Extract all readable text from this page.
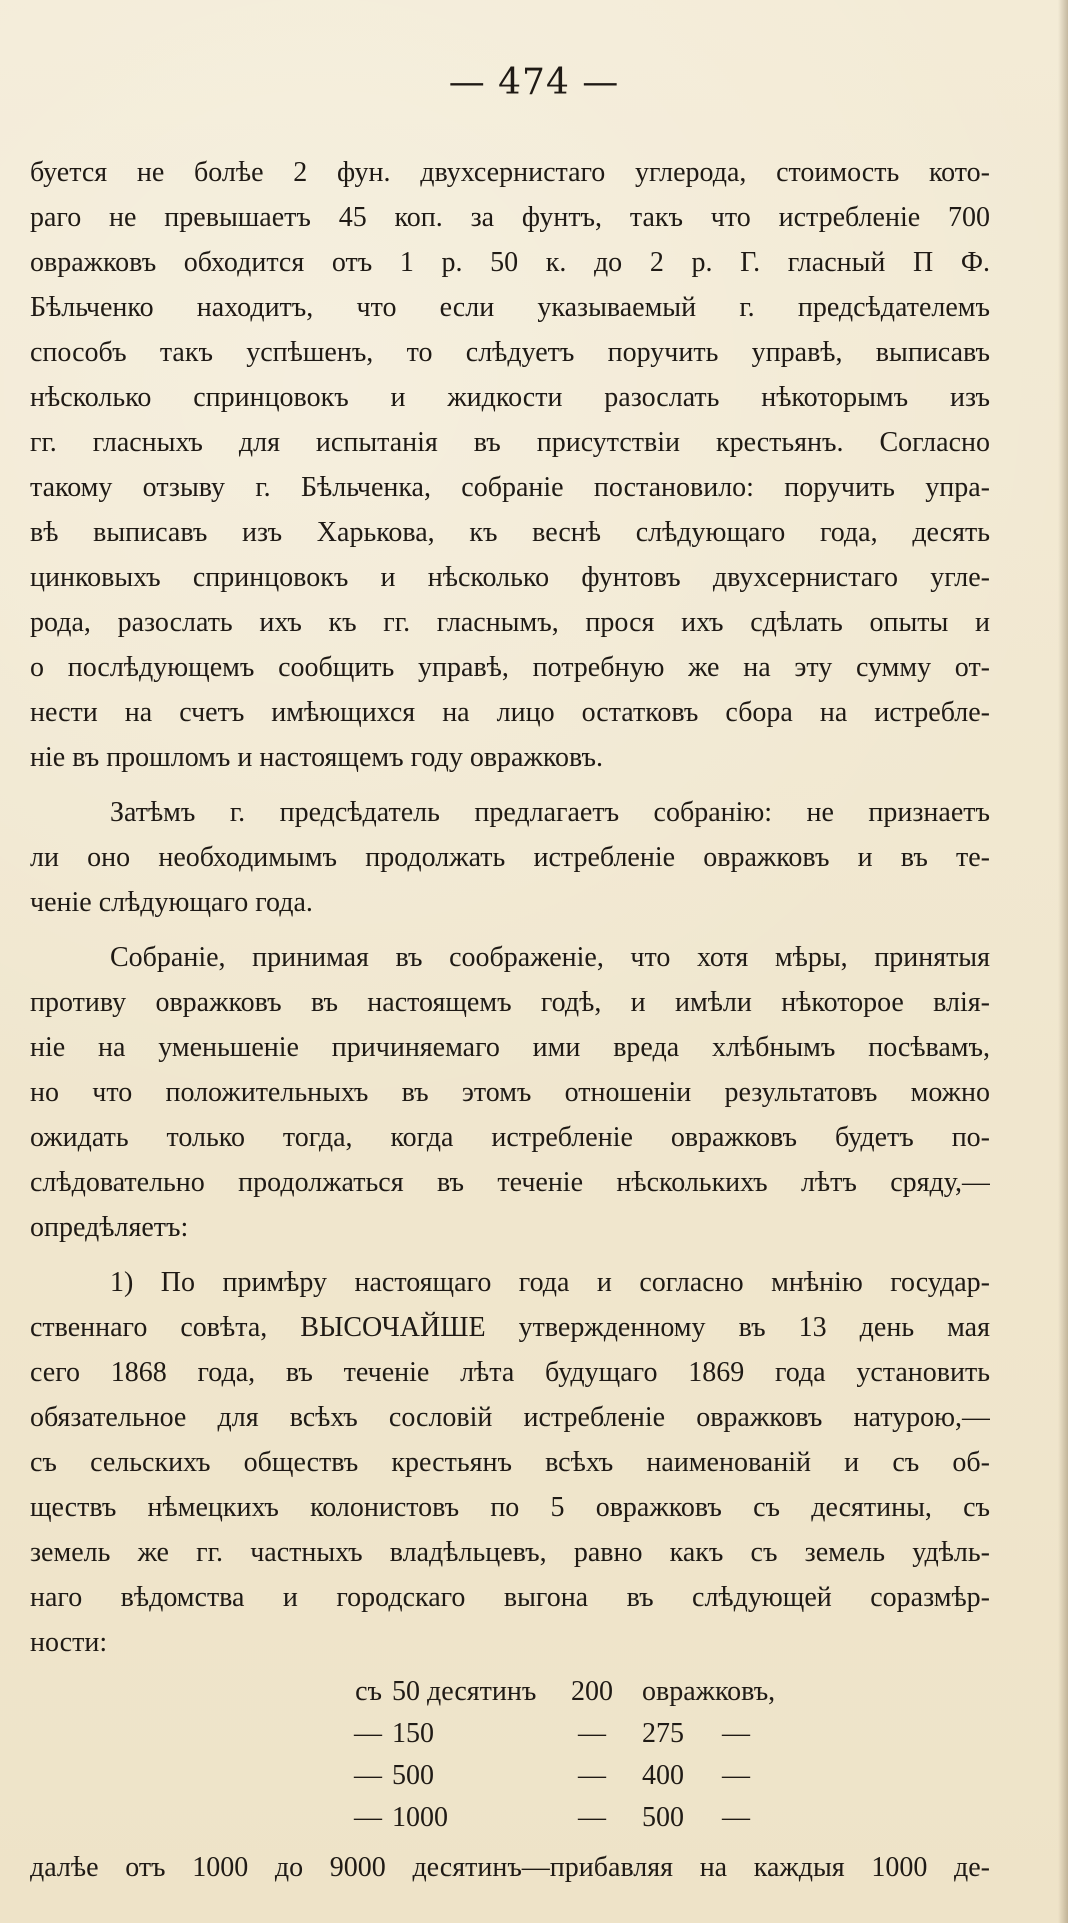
— 474 —
буется не болѣе 2 фун. двухсернистаго углерода, стоимость кото-
раго не превышаетъ 45 коп. за фунтъ, такъ что истребленіе 700
овражковъ обходится отъ 1 р. 50 к. до 2 р. Г. гласный П Ф.
Бѣльченко находитъ, что если указываемый г. предсѣдателемъ
способъ такъ успѣшенъ, то слѣдуетъ поручить управѣ, выписавъ
нѣсколько спринцовокъ и жидкости разослать нѣкоторымъ изъ
гг. гласныхъ для испытанія въ присутствіи крестьянъ. Согласно
такому отзыву г. Бѣльченка, собраніе постановило: поручить упра-
вѣ выписавъ изъ Харькова, къ веснѣ слѣдующаго года, десять
цинковыхъ спринцовокъ и нѣсколько фунтовъ двухсернистаго угле-
рода, разослать ихъ къ гг. гласнымъ, прося ихъ сдѣлать опыты и
о послѣдующемъ сообщить управѣ, потребную же на эту сумму от-
нести на счетъ имѣющихся на лицо остатковъ сбора на истребле-
ніе въ прошломъ и настоящемъ году овражковъ.
Затѣмъ г. предсѣдатель предлагаетъ собранію: не признаетъ
ли оно необходимымъ продолжать истребленіе овражковъ и въ те-
ченіе слѣдующаго года.
Собраніе, принимая въ соображеніе, что хотя мѣры, принятыя
противу овражковъ въ настоящемъ годѣ, и имѣли нѣкоторое влія-
ніе на уменьшеніе причиняемаго ими вреда хлѣбнымъ посѣвамъ,
но что положительныхъ въ этомъ отношеніи результатовъ можно
ожидать только тогда, когда истребленіе овражковъ будетъ по-
слѣдовательно продолжаться въ теченіе нѣсколькихъ лѣтъ сряду,—
опредѣляетъ:
1) По примѣру настоящаго года и согласно мнѣнію государ-
ственнаго совѣта, ВЫСОЧАЙШЕ утвержденному въ 13 день мая
сего 1868 года, въ теченіе лѣта будущаго 1869 года установить
обязательное для всѣхъ сословій истребленіе овражковъ натурою,—
съ сельскихъ обществъ крестьянъ всѣхъ наименованій и съ об-
ществъ нѣмецкихъ колонистовъ по 5 овражковъ съ десятины, съ
земель же гг. частныхъ владѣльцевъ, равно какъ съ земель удѣль-
наго вѣдомства и городскаго выгона въ слѣдующей соразмѣр-
ности:
съ 50 десятинъ	200	овражковъ,
— 150	—	275	—
— 500	—	400	—
— 1000	—	500	—
далѣе отъ 1000 до 9000 десятинъ—прибавляя на каждыя 1000 де-
